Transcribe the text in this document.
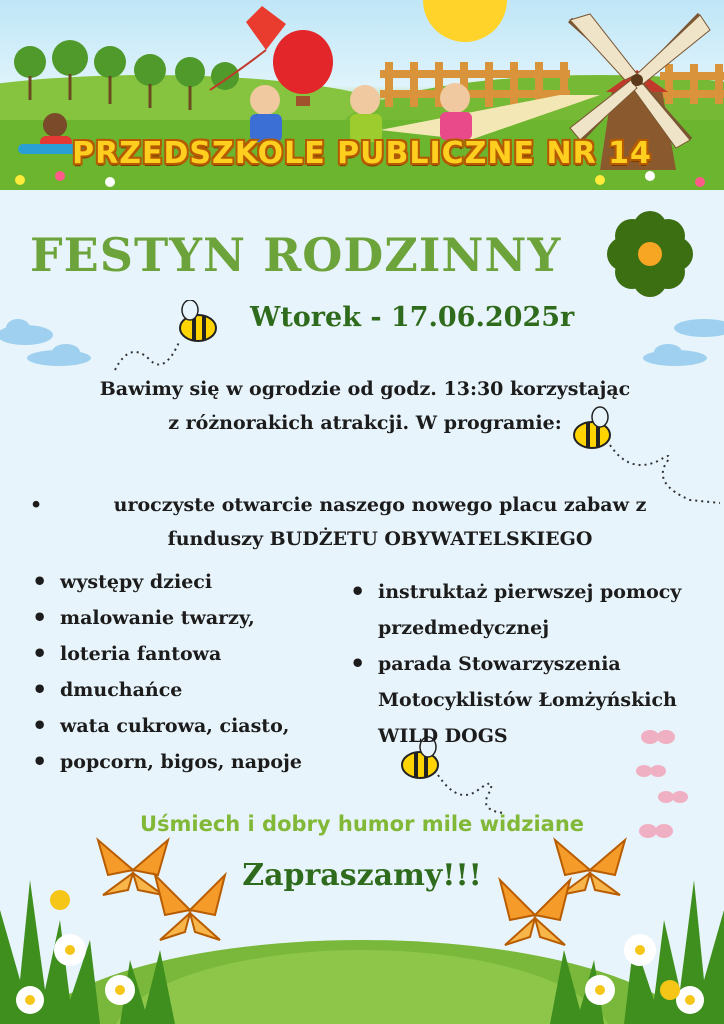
PRZEDSZKOLE PUBLICZNE NR 14
FESTYN RODZINNY
Wtorek - 17.06.2025r
Bawimy się w ogrodzie od godz. 13:30 korzystając
z różnorakich atrakcji. W programie:
•	uroczyste otwarcie naszego nowego placu zabaw z
funduszy BUDŻETU OBYWATELSKIEGO
• występy dzieci
• malowanie twarzy,
• loteria fantowa
• dmuchańce
• wata cukrowa, ciasto,
• popcorn, bigos, napoje
• instruktaż pierwszej pomocy
przedmedycznej
• parada Stowarzyszenia
Motocyklistów Łomżyńskich
WILD DOGS
Uśmiech i dobry humor mile widziane
Zapraszamy!!!
